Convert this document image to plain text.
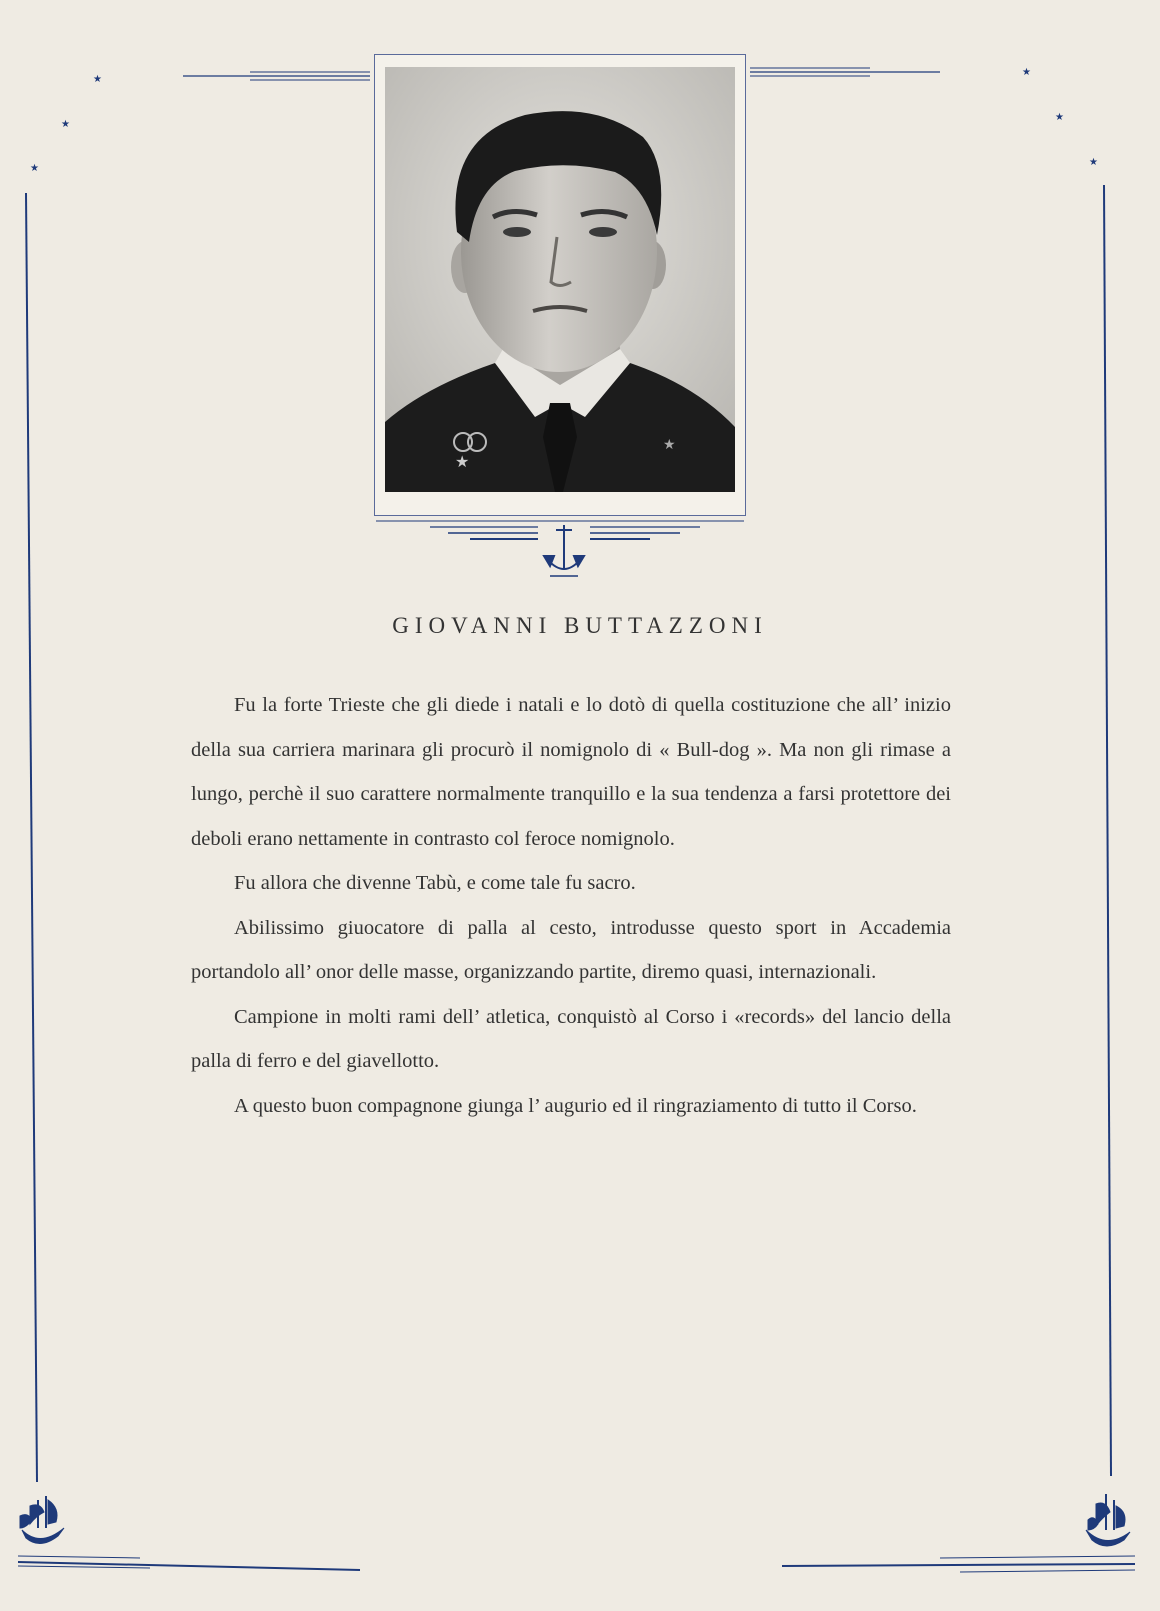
★
★
★
★
★
★
★
★
GIOVANNI BUTTAZZONI

Fu la forte Trieste che gli diede i natali e lo dotò di quella costituzione che all’ inizio della sua carriera marinara gli procurò il nomignolo di « Bull-dog ». Ma non gli rimase a lungo, perchè il suo carattere normalmente tranquillo e la sua tendenza a farsi protettore dei deboli erano nettamente in contrasto col feroce nomignolo.

Fu allora che divenne Tabù, e come tale fu sacro.

Abilissimo giuocatore di palla al cesto, introdusse questo sport in Accademia portandolo all’ onor delle masse, organizzando partite, diremo quasi, internazionali.

Campione in molti rami dell’ atletica, conquistò al Corso i «records» del lancio della palla di ferro e del giavellotto.

A questo buon compagnone giunga l’ augurio ed il ringraziamento di tutto il Corso.
